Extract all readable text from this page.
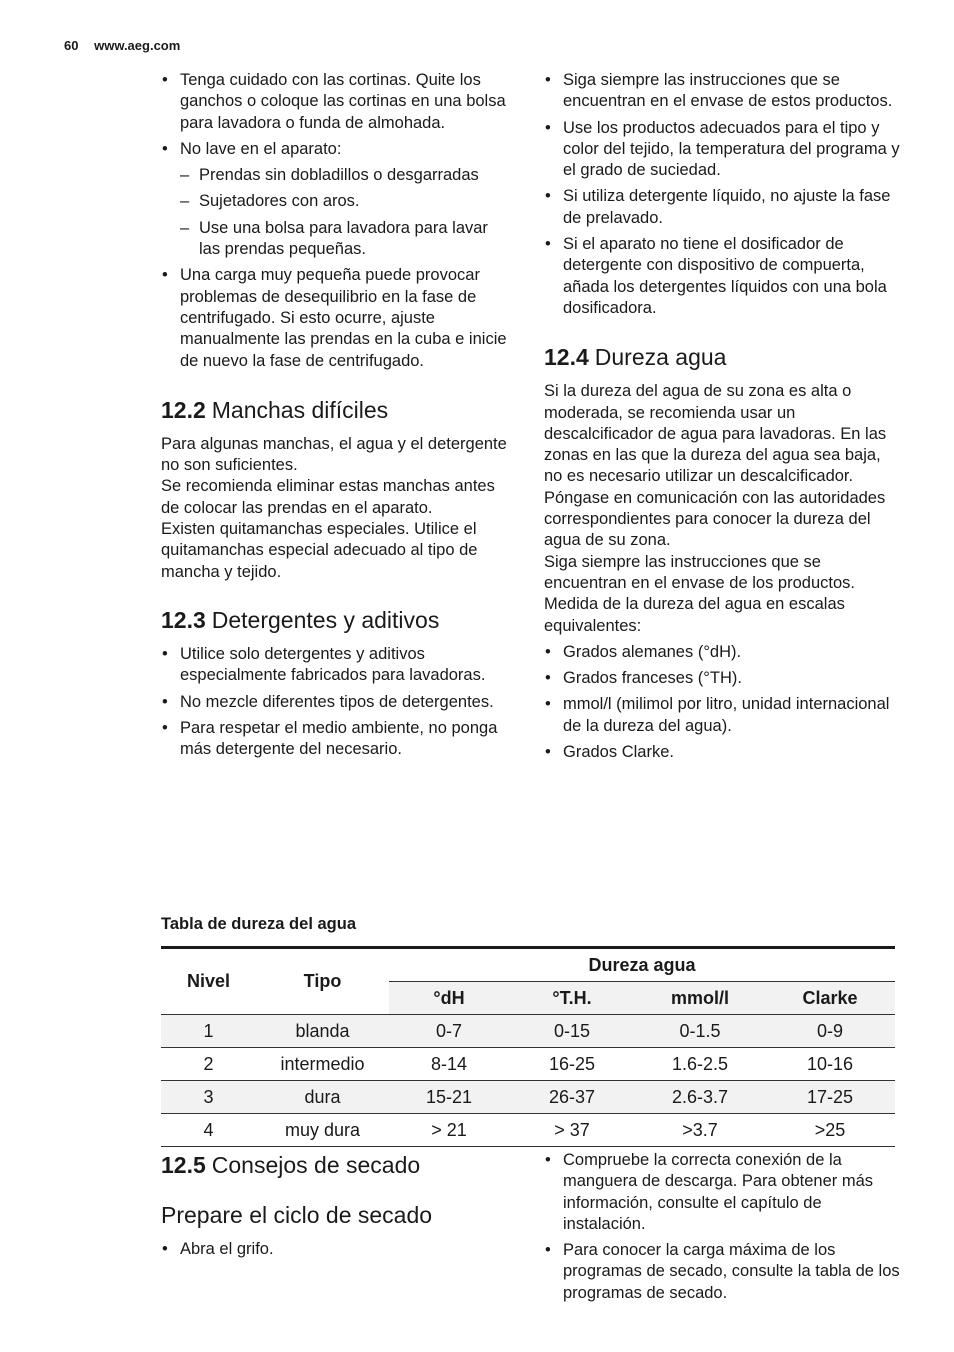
60 www.aeg.com
• Tenga cuidado con las cortinas. Quite los ganchos o coloque las cortinas en una bolsa para lavadora o funda de almohada.
• No lave en el aparato:
– Prendas sin dobladillos o desgarradas
– Sujetadores con aros.
– Use una bolsa para lavadora para lavar las prendas pequeñas.
• Una carga muy pequeña puede provocar problemas de desequilibrio en la fase de centrifugado. Si esto ocurre, ajuste manualmente las prendas en la cuba e inicie de nuevo la fase de centrifugado.
12.2 Manchas difíciles

Para algunas manchas, el agua y el detergente no son suficientes.

Se recomienda eliminar estas manchas antes de colocar las prendas en el aparato.

Existen quitamanchas especiales. Utilice el quitamanchas especial adecuado al tipo de mancha y tejido.

12.3 Detergentes y aditivos
• Utilice solo detergentes y aditivos especialmente fabricados para lavadoras.
• No mezcle diferentes tipos de detergentes.
• Para respetar el medio ambiente, no ponga más detergente del necesario.
• Siga siempre las instrucciones que se encuentran en el envase de estos productos.
• Use los productos adecuados para el tipo y color del tejido, la temperatura del programa y el grado de suciedad.
• Si utiliza detergente líquido, no ajuste la fase de prelavado.
• Si el aparato no tiene el dosificador de detergente con dispositivo de compuerta, añada los detergentes líquidos con una bola dosificadora.
12.4 Dureza agua

Si la dureza del agua de su zona es alta o moderada, se recomienda usar un descalcificador de agua para lavadoras. En las zonas en las que la dureza del agua sea baja, no es necesario utilizar un descalcificador.

Póngase en comunicación con las autoridades correspondientes para conocer la dureza del agua de su zona.

Siga siempre las instrucciones que se encuentran en el envase de los productos.

Medida de la dureza del agua en escalas equivalentes:

• Grados alemanes (°dH).
• Grados franceses (°TH).
• mmol/l (milimol por litro, unidad internacional de la dureza del agua).
• Grados Clarke.
Tabla de dureza del agua
Nivel	Tipo	Dureza agua			
		°dH	°T.H.	mmol/l	Clarke
1	blanda	0-7	0-15	0-1.5	0-9
2	intermedio	8-14	16-25	1.6-2.5	10-16
3	dura	15-21	26-37	2.6-3.7	17-25
4	muy dura	> 21	> 37	>3.7	>25
12.5 Consejos de secado
Prepare el ciclo de secado
• Abra el grifo.
• Compruebe la correcta conexión de la manguera de descarga. Para obtener más información, consulte el capítulo de instalación.
• Para conocer la carga máxima de los programas de secado, consulte la tabla de los programas de secado.
